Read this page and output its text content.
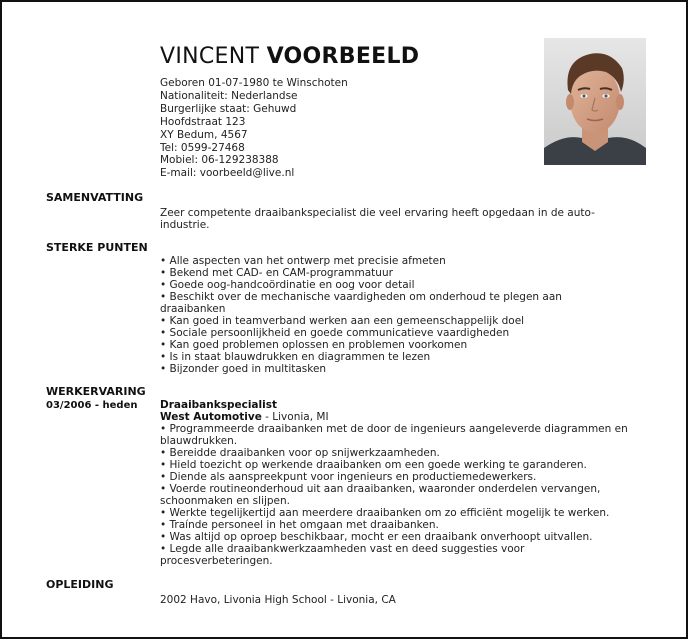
VINCENT VOORBEELD
Geboren 01-07-1980 te Winschoten
Nationaliteit: Nederlandse
Burgerlijke staat: Gehuwd
Hoofdstraat 123
XY Bedum, 4567
Tel: 0599-27468
Mobiel: 06-129238388
E-mail: voorbeeld@live.nl
SAMENVATTING
Zeer competente draaibankspecialist die veel ervaring heeft opgedaan in de auto-
industrie.
STERKE PUNTEN
• Alle aspecten van het ontwerp met precisie afmeten
• Bekend met CAD- en CAM-programmatuur
• Goede oog-handcoördinatie en oog voor detail
• Beschikt over de mechanische vaardigheden om onderhoud te plegen aan
draaibanken
• Kan goed in teamverband werken aan een gemeenschappelijk doel
• Sociale persoonlijkheid en goede communicatieve vaardigheden
• Kan goed problemen oplossen en problemen voorkomen
• Is in staat blauwdrukken en diagrammen te lezen
• Bijzonder goed in multitasken
WERKERVARING
03/2006 - heden Draaibankspecialist
West Automotive - Livonia, MI
• Programmeerde draaibanken met de door de ingenieurs aangeleverde diagrammen en
blauwdrukken.
• Bereidde draaibanken voor op snijwerkzaamheden.
• Hield toezicht op werkende draaibanken om een goede werking te garanderen.
• Diende als aanspreekpunt voor ingenieurs en productiemedewerkers.
• Voerde routineonderhoud uit aan draaibanken, waaronder onderdelen vervangen,
schoonmaken en slijpen.
• Werkte tegelijkertijd aan meerdere draaibanken om zo efficiënt mogelijk te werken.
• Traínde personeel in het omgaan met draaibanken.
• Was altijd op oproep beschikbaar, mocht er een draaibank onverhoopt uitvallen.
• Legde alle draaibankwerkzaamheden vast en deed suggesties voor
procesverbeteringen.
OPLEIDING
2002 Havo, Livonia High School - Livonia, CA
